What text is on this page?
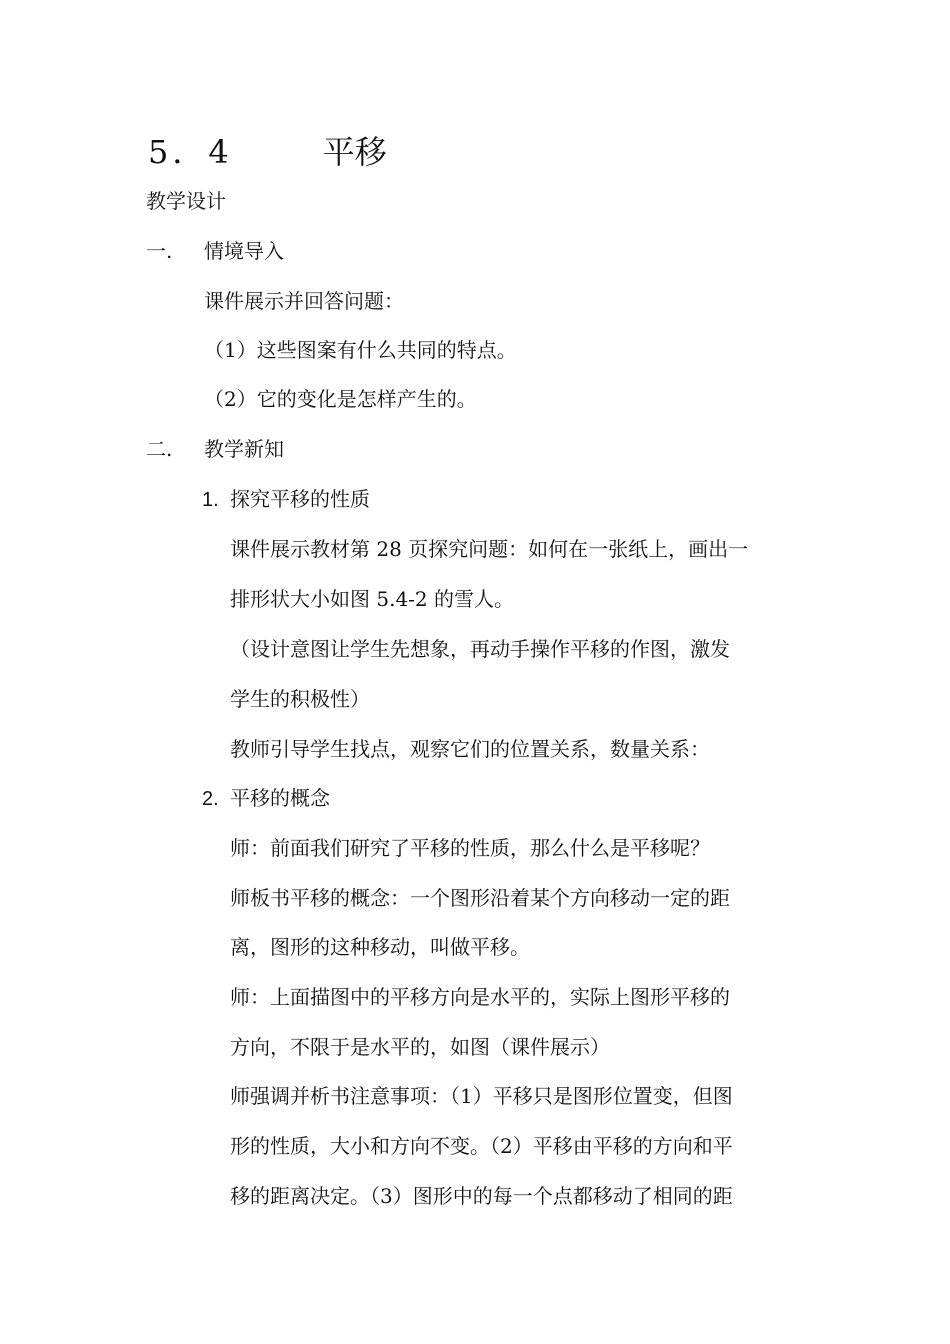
5．4	平移
教学设计
一. 情境导入
课件展示并回答问题：
（1）这些图案有什么共同的特点。
（2）它的变化是怎样产生的。
二. 教学新知
1. 探究平移的性质
课件展示教材第 28 页探究问题：如何在一张纸上，画出一
排形状大小如图 5.4-2 的雪人。
（设计意图让学生先想象，再动手操作平移的作图，激发
学生的积极性）
教师引导学生找点，观察它们的位置关系，数量关系：
2. 平移的概念
师：前面我们研究了平移的性质，那么什么是平移呢？
师板书平移的概念：一个图形沿着某个方向移动一定的距
离，图形的这种移动，叫做平移。
师：上面描图中的平移方向是水平的，实际上图形平移的
方向，不限于是水平的，如图（课件展示）
师强调并析书注意事项：（1）平移只是图形位置变，但图
形的性质，大小和方向不变。（2）平移由平移的方向和平
移的距离决定。（3）图形中的每一个点都移动了相同的距
